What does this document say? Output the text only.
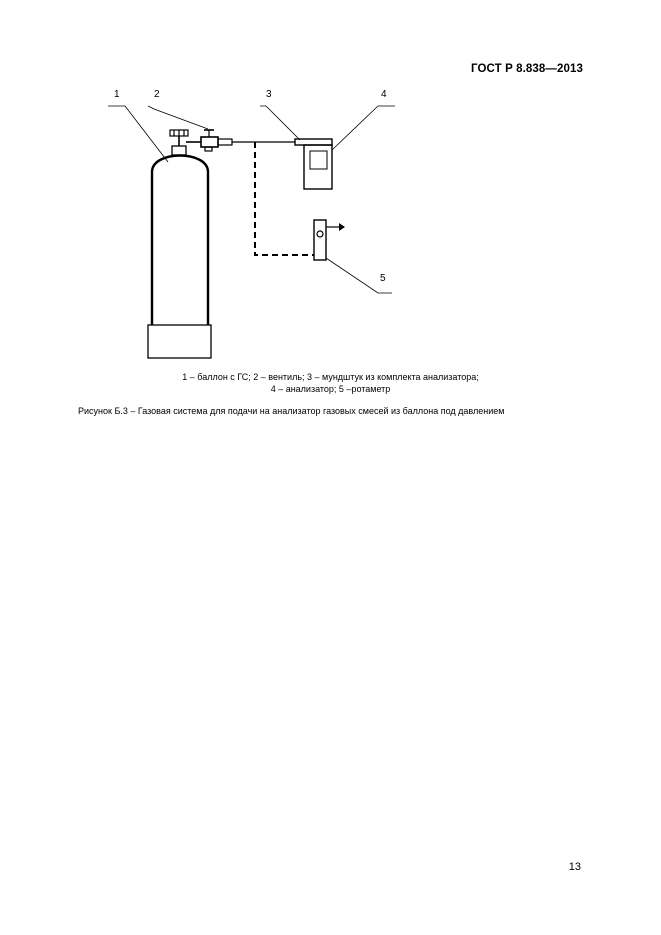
ГОСТ Р 8.838—2013
1	2	3	4
5
1 – баллон с ГС; 2 – вентиль; 3 – мундштук из комплекта анализатора;
4 – анализатор; 5 –ротаметр
Рисунок Б.3 – Газовая система для подачи на анализатор газовых смесей из баллона под давлением
13
